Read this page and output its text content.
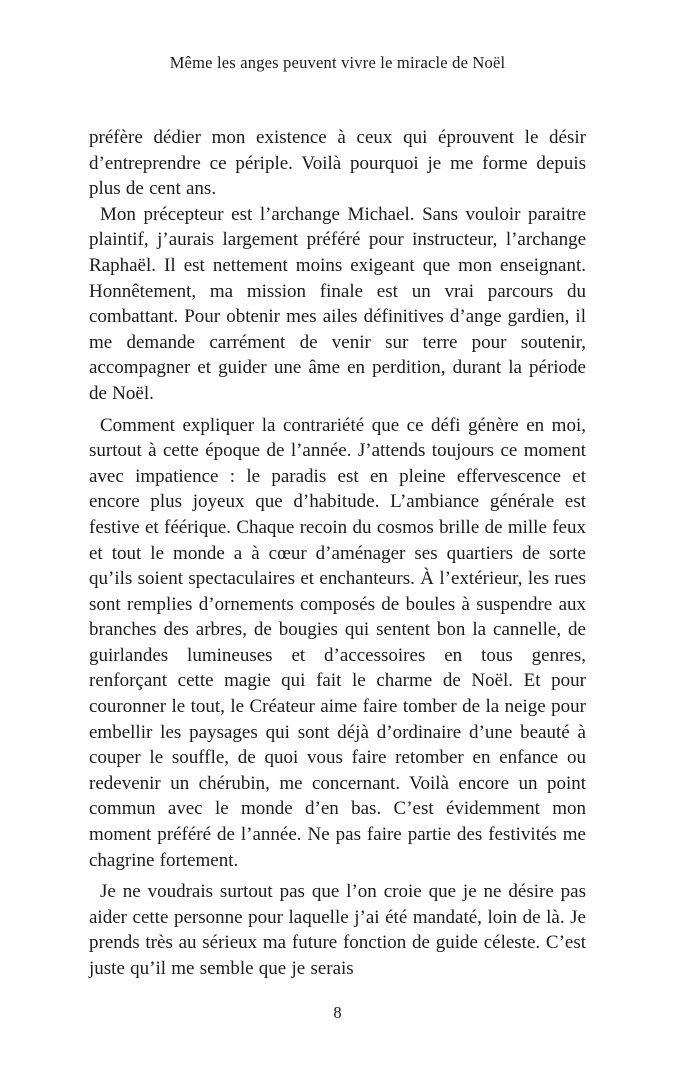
Même les anges peuvent vivre le miracle de Noël

préfère dédier mon existence à ceux qui éprouvent le désir d’entreprendre ce périple. Voilà pourquoi je me forme depuis plus de cent ans.

Mon précepteur est l’archange Michael. Sans vouloir paraitre plaintif, j’aurais largement préféré pour instructeur, l’archange Raphaël. Il est nettement moins exigeant que mon enseignant. Honnêtement, ma mission finale est un vrai parcours du combattant. Pour obtenir mes ailes définitives d’ange gardien, il me demande carrément de venir sur terre pour soutenir, accompagner et guider une âme en perdition, durant la période de Noël.

Comment expliquer la contrariété que ce défi génère en moi, surtout à cette époque de l’année. J’attends toujours ce moment avec impatience : le paradis est en pleine effervescence et encore plus joyeux que d’habitude. L’ambiance générale est festive et féérique. Chaque recoin du cosmos brille de mille feux et tout le monde a à cœur d’aménager ses quartiers de sorte qu’ils soient spectaculaires et enchanteurs. À l’extérieur, les rues sont remplies d’ornements composés de boules à suspendre aux branches des arbres, de bougies qui sentent bon la cannelle, de guirlandes lumineuses et d’accessoires en tous genres, renforçant cette magie qui fait le charme de Noël. Et pour couronner le tout, le Créateur aime faire tomber de la neige pour embellir les paysages qui sont déjà d’ordinaire d’une beauté à couper le souffle, de quoi vous faire retomber en enfance ou redevenir un chérubin, me concernant. Voilà encore un point commun avec le monde d’en bas. C’est évidemment mon moment préféré de l’année. Ne pas faire partie des festivités me chagrine fortement.

Je ne voudrais surtout pas que l’on croie que je ne désire pas aider cette personne pour laquelle j’ai été mandaté, loin de là. Je prends très au sérieux ma future fonction de guide céleste. C’est juste qu’il me semble que je serais

8
